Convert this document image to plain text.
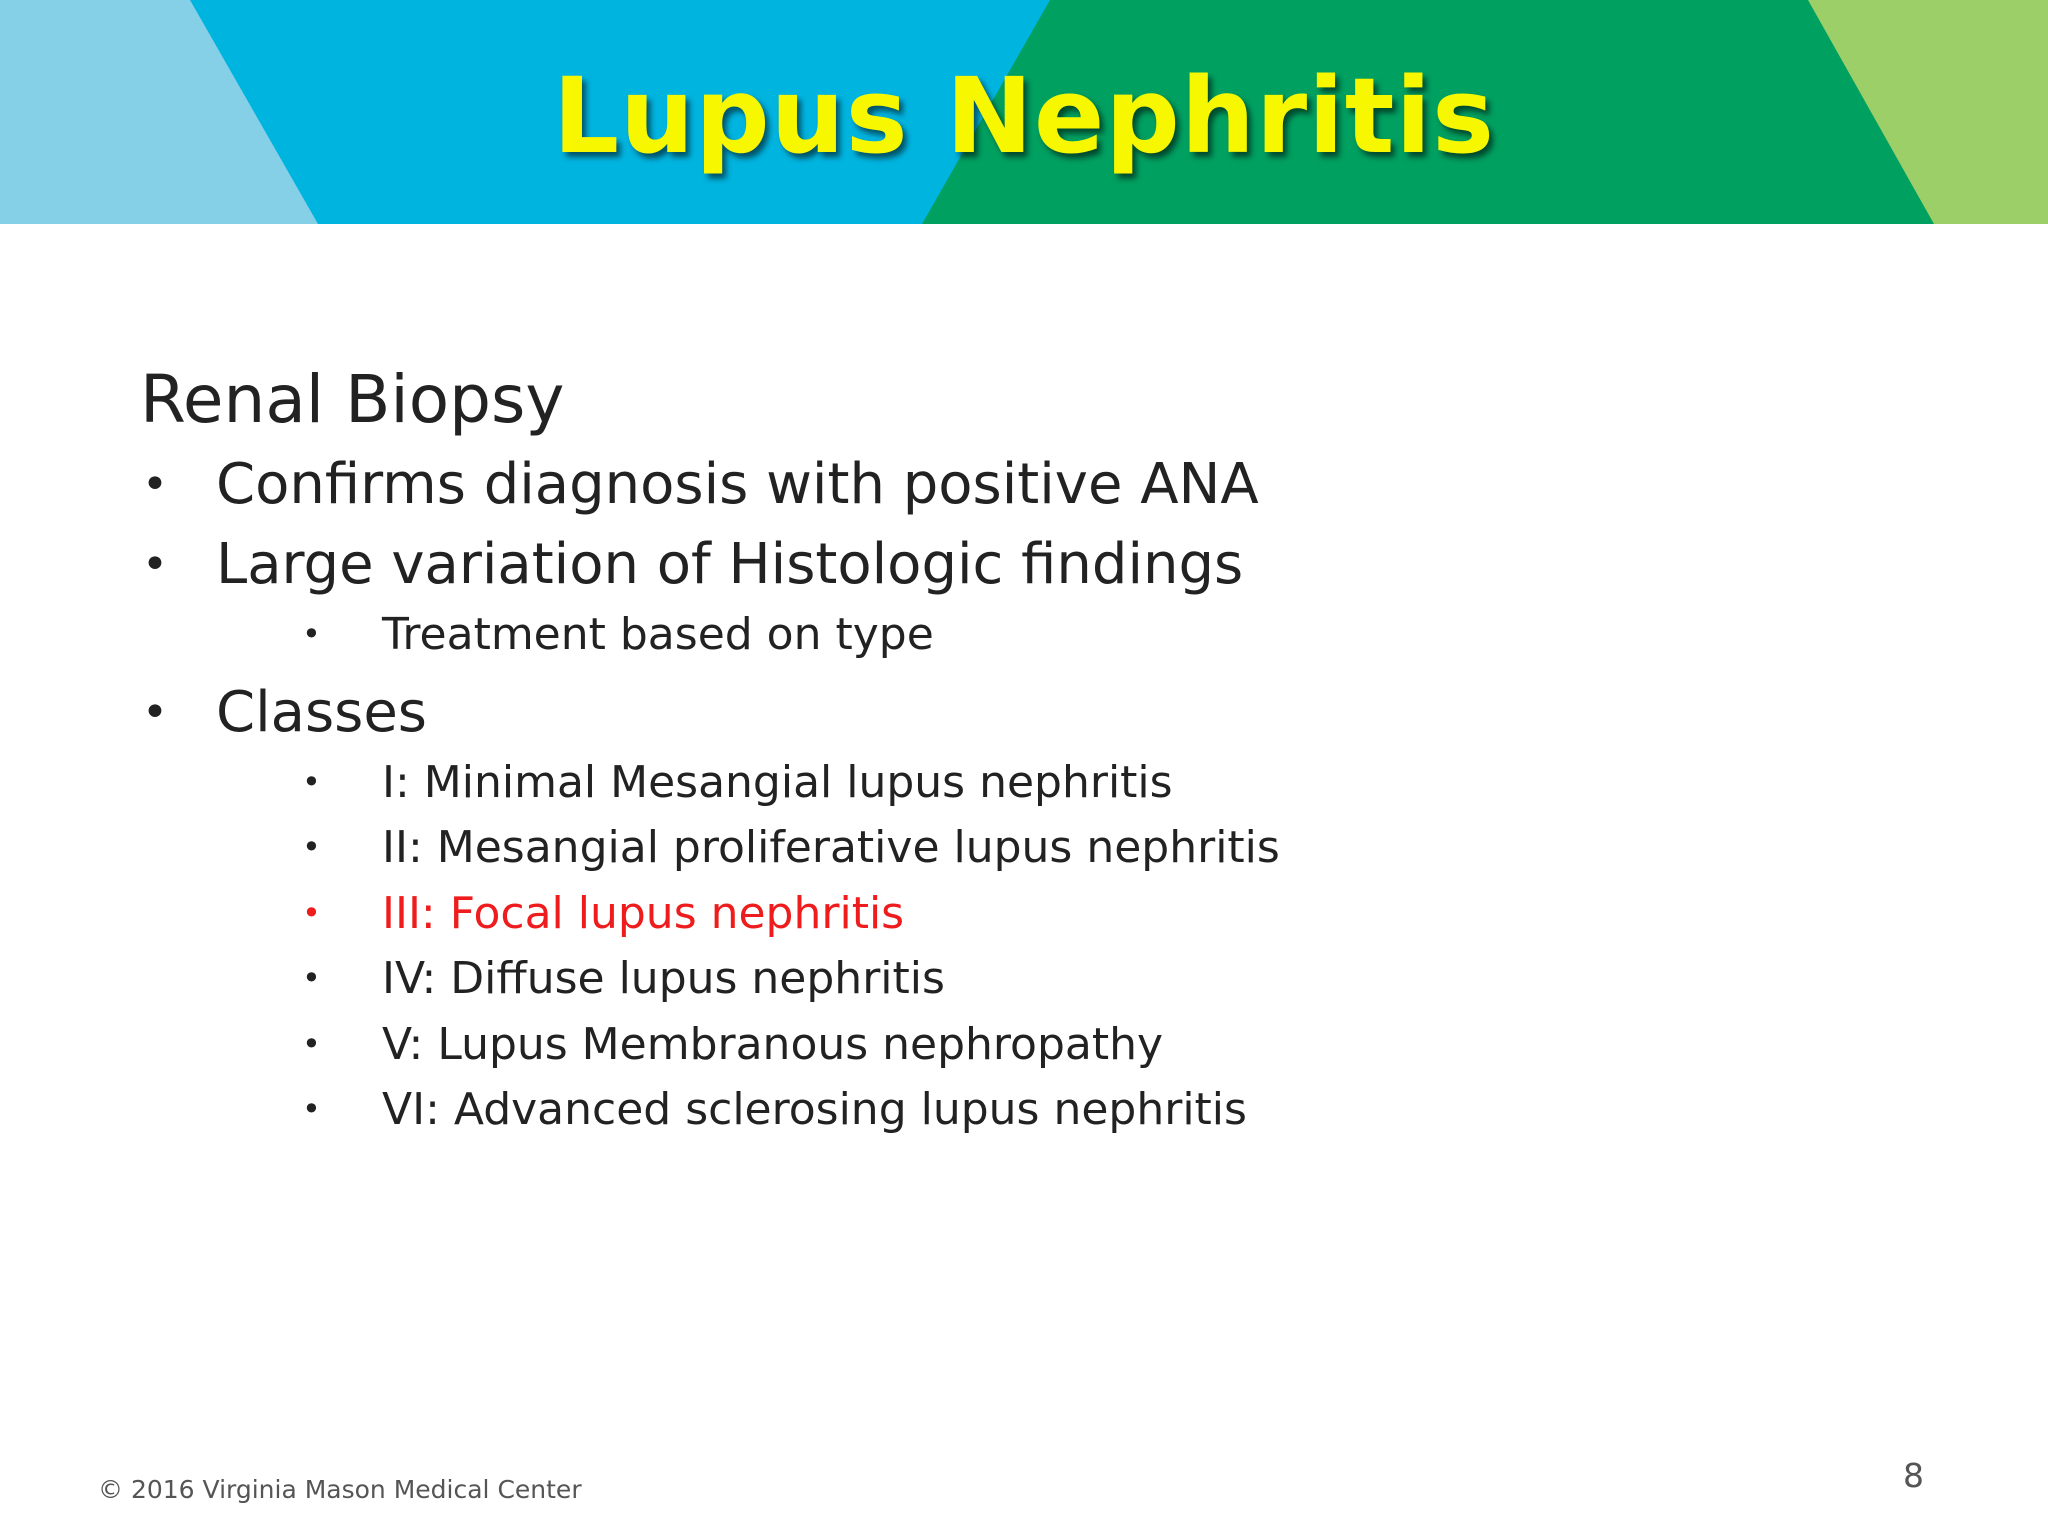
Lupus Nephritis
Renal Biopsy
• Confirms diagnosis with positive ANA
• Large variation of Histologic findings
• Treatment based on type
• Classes
• I: Minimal Mesangial lupus nephritis
• II: Mesangial proliferative lupus nephritis
• III: Focal lupus nephritis
• IV: Diffuse lupus nephritis
• V: Lupus Membranous nephropathy
• VI: Advanced sclerosing lupus nephritis
© 2016 Virginia Mason Medical Center	8
